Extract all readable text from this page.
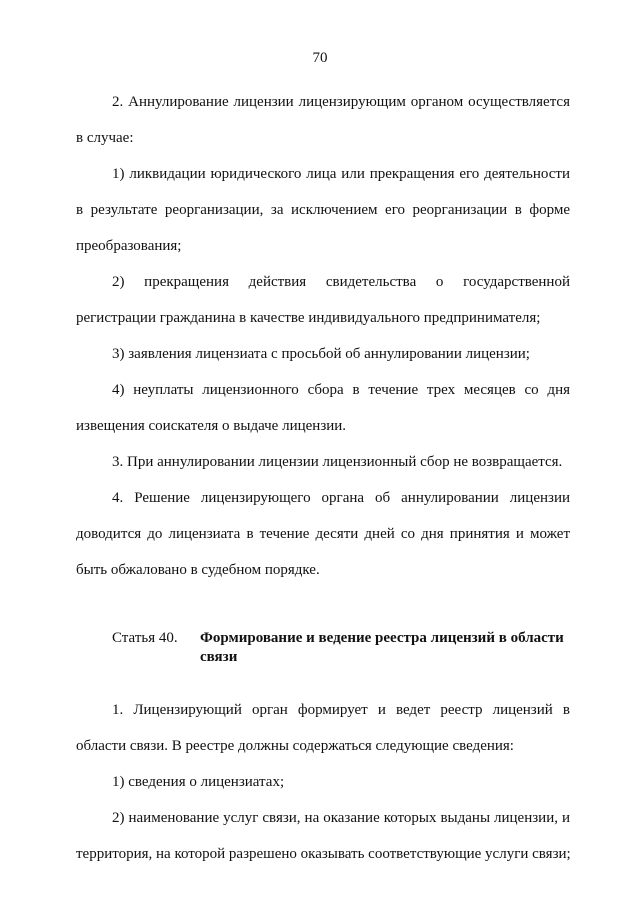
70
2. Аннулирование лицензии лицензирующим органом осуществляется
в случае:
1) ликвидации юридического лица или прекращения его деятельности
в результате реорганизации, за исключением его реорганизации в форме
преобразования;
2) прекращения действия свидетельства о государственной
регистрации гражданина в качестве индивидуального предпринимателя;
3) заявления лицензиата с просьбой об аннулировании лицензии;
4) неуплаты лицензионного сбора в течение трех месяцев со дня
извещения соискателя о выдаче лицензии.
3. При аннулировании лицензии лицензионный сбор не возвращается.
4. Решение лицензирующего органа об аннулировании лицензии
доводится до лицензиата в течение десяти дней со дня принятия и может
быть обжаловано в судебном порядке.
Статья 40. Формирование и ведение реестра лицензий в области
связи
1. Лицензирующий орган формирует и ведет реестр лицензий в
области связи. В реестре должны содержаться следующие сведения:
1) сведения о лицензиатах;
2) наименование услуг связи, на оказание которых выданы лицензии, и
территория, на которой разрешено оказывать соответствующие услуги связи;
